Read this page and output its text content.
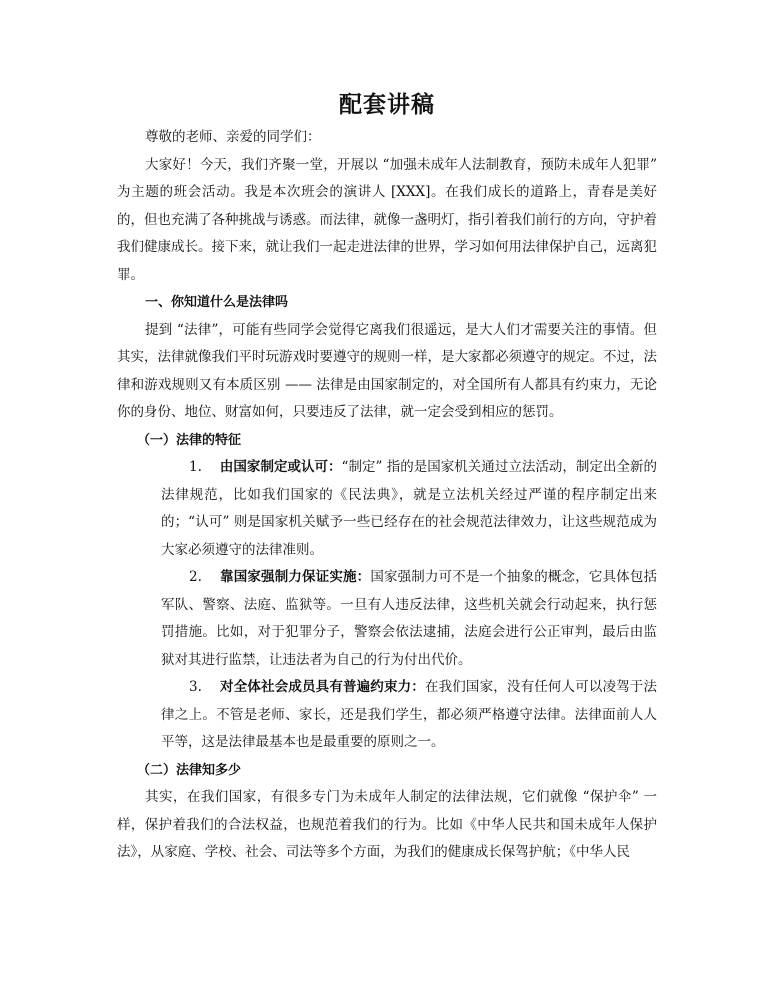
配套讲稿

尊敬的老师、亲爱的同学们：

大家好！今天，我们齐聚一堂，开展以 “加强未成年人法制教育，预防未成年人犯罪” 为主题的班会活动。我是本次班会的演讲人 [XXX]。在我们成长的道路上，青春是美好的，但也充满了各种挑战与诱惑。而法律，就像一盏明灯，指引着我们前行的方向，守护着我们健康成长。接下来，就让我们一起走进法律的世界，学习如何用法律保护自己，远离犯罪。

一、你知道什么是法律吗

提到 “法律”，可能有些同学会觉得它离我们很遥远，是大人们才需要关注的事情。但其实，法律就像我们平时玩游戏时要遵守的规则一样，是大家都必须遵守的规定。不过，法律和游戏规则又有本质区别 —— 法律是由国家制定的，对全国所有人都具有约束力，无论你的身份、地位、财富如何，只要违反了法律，就一定会受到相应的惩罚。

（一）法律的特征

1. 由国家制定或认可：“制定” 指的是国家机关通过立法活动，制定出全新的法律规范，比如我们国家的《民法典》，就是立法机关经过严谨的程序制定出来的；“认可” 则是国家机关赋予一些已经存在的社会规范法律效力，让这些规范成为大家必须遵守的法律准则。

2. 靠国家强制力保证实施：国家强制力可不是一个抽象的概念，它具体包括军队、警察、法庭、监狱等。一旦有人违反法律，这些机关就会行动起来，执行惩罚措施。比如，对于犯罪分子，警察会依法逮捕，法庭会进行公正审判，最后由监狱对其进行监禁，让违法者为自己的行为付出代价。

3. 对全体社会成员具有普遍约束力：在我们国家，没有任何人可以凌驾于法律之上。不管是老师、家长，还是我们学生，都必须严格遵守法律。法律面前人人平等，这是法律最基本也是最重要的原则之一。

（二）法律知多少

其实，在我们国家，有很多专门为未成年人制定的法律法规，它们就像 “保护伞” 一样，保护着我们的合法权益，也规范着我们的行为。比如《中华人民共和国未成年人保护法》，从家庭、学校、社会、司法等多个方面，为我们的健康成长保驾护航；《中华人民
